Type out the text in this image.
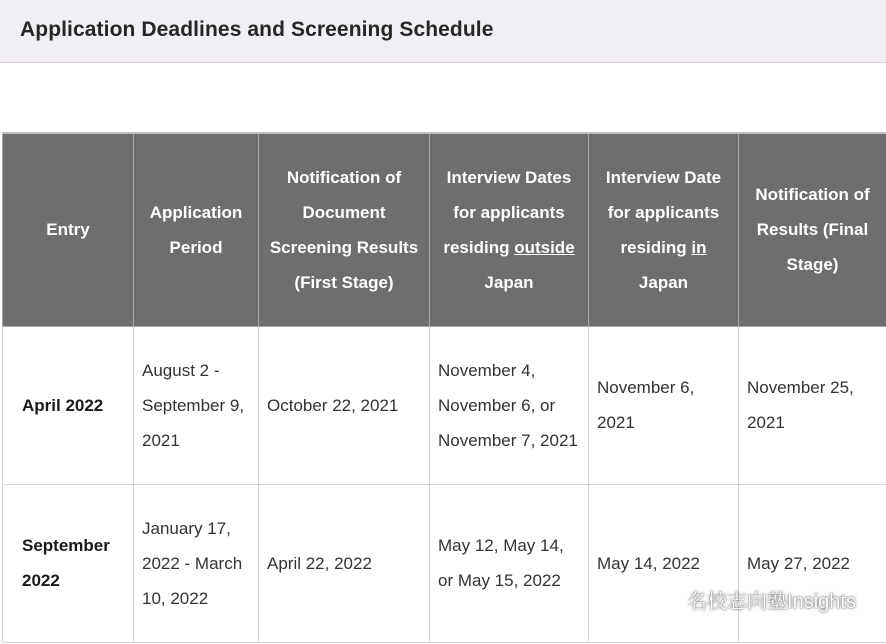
Application Deadlines and Screening Schedule
Entry	Application Period	Notification of Document Screening Results (First Stage)	Interview Dates for applicants residing outside Japan	Interview Date for applicants residing in Japan	Notification of Results (Final Stage)
April 2022	August 2 - September 9, 2021	October 22, 2021	November 4, November 6, or November 7, 2021	November 6, 2021	November 25, 2021
September 2022	January 17, 2022 - March 10, 2022	April 22, 2022	May 12, May 14, or May 15, 2022	May 14, 2022	May 27, 2022
名校志向塾Insights
